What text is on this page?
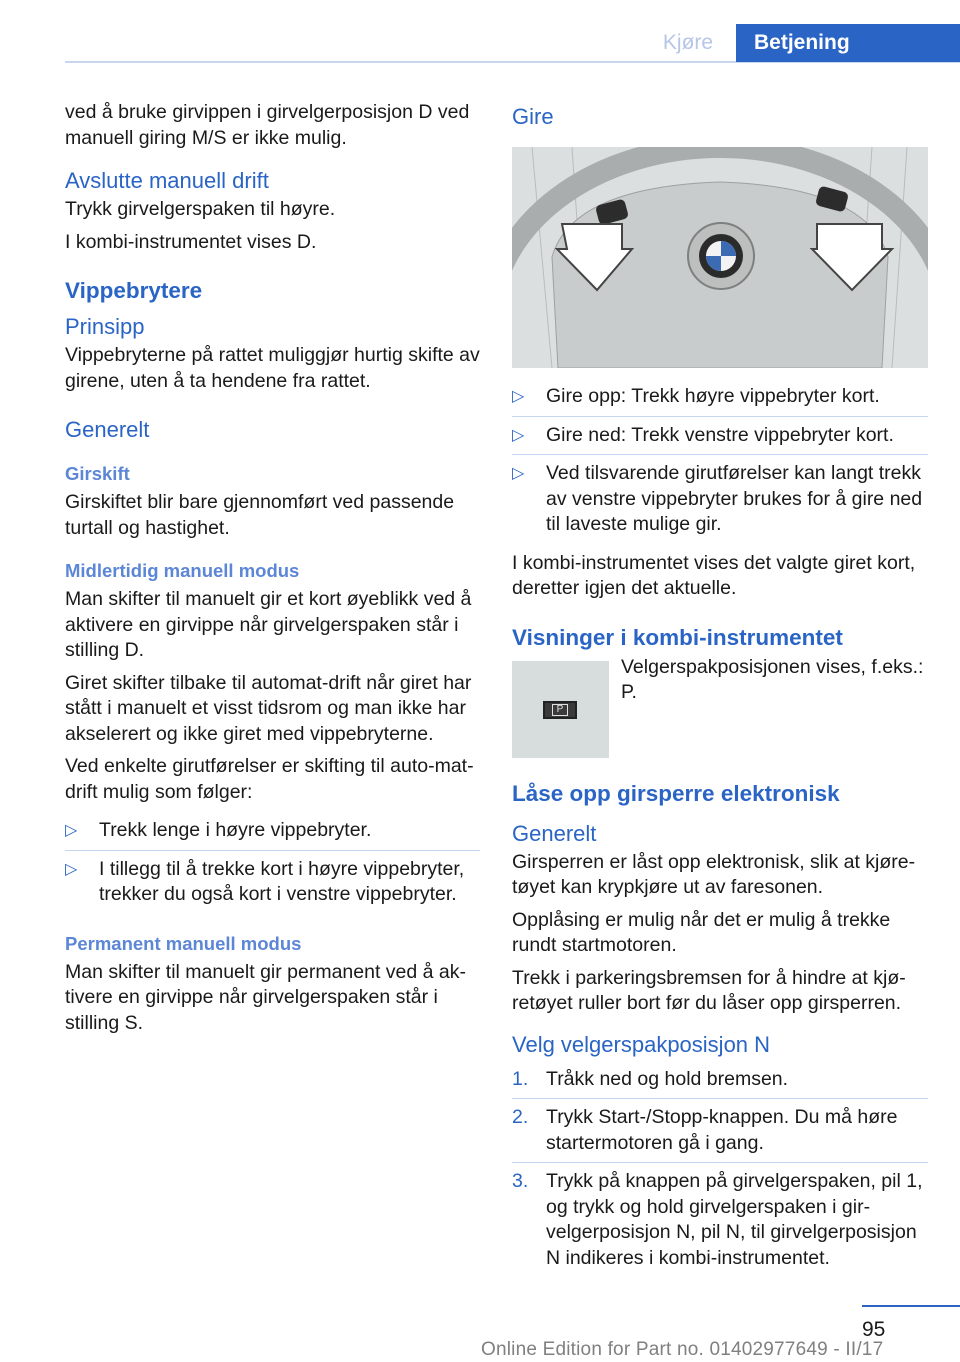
Kjøre	Betjening

ved å bruke girvippen i girvelgerposisjon D ved manuell giring M/S er ikke mulig.

Avslutte manuell drift

Trykk girvelgerspaken til høyre.

I kombi-instrumentet vises D.

Vippebrytere
Prinsipp

Vippebryterne på rattet muliggjør hurtig skifte av girene, uten å ta hendene fra rattet.

Generelt
Girskift

Girskiftet blir bare gjennomført ved passende turtall og hastighet.

Midlertidig manuell modus

Man skifter til manuelt gir et kort øyeblikk ved å aktivere en girvippe når girvelgerspaken står i stilling D.

Giret skifter tilbake til automat-drift når giret har stått i manuelt et visst tidsrom og man ikke har akselerert og ikke giret med vippebryterne.

Ved enkelte girutførelser er skifting til auto‐mat-drift mulig som følger:

▷ Trekk lenge i høyre vippebryter.
▷ I tillegg til å trekke kort i høyre vippebryter, trekker du også kort i venstre vippebryter.
Permanent manuell modus

Man skifter til manuelt gir permanent ved å ak‐tivere en girvippe når girvelgerspaken står i stilling S.

Gire
▷ Gire opp: Trekk høyre vippebryter kort.
▷ Gire ned: Trekk venstre vippebryter kort.
▷ Ved tilsvarende girutførelser kan langt trekk av venstre vippebryter brukes for å gire ned til laveste mulige gir.

I kombi-instrumentet vises det valgte giret kort, deretter igjen det aktuelle.

Visninger i kombi-instrumentet
P

Velgerspakposisjonen vises, f.eks.: P.

Låse opp girsperre elektronisk
Generelt

Girsperren er låst opp elektronisk, slik at kjøre‐tøyet kan krypkjøre ut av faresonen.

Opplåsing er mulig når det er mulig å trekke rundt startmotoren.

Trekk i parkeringsbremsen for å hindre at kjø‐retøyet ruller bort før du låser opp girsperren.

Velg velgerspakposisjon N
1. Tråkk ned og hold bremsen.
2. Trykk Start-/Stopp-knappen. Du må høre startermotoren gå i gang.
3. Trykk på knappen på girvelgerspaken, pil 1, og trykk og hold girvelgerspaken i gir‐velgerposisjon N, pil N, til girvelgerposisjon N indikeres i kombi-instrumentet.
95
Online Edition for Part no. 01402977649 - II/17
